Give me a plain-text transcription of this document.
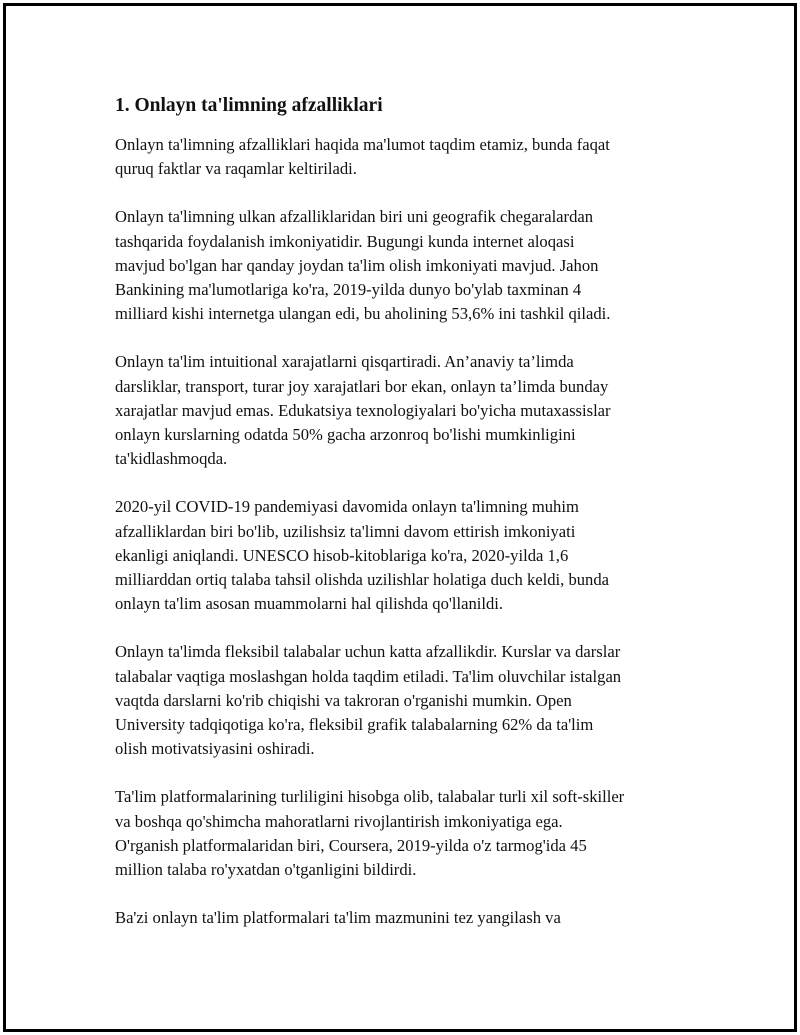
1. Onlayn ta'limning afzalliklari
Onlayn ta'limning afzalliklari haqida ma'lumot taqdim etamiz, bunda faqat
quruq faktlar va raqamlar keltiriladi.
Onlayn ta'limning ulkan afzalliklaridan biri uni geografik chegaralardan
tashqarida foydalanish imkoniyatidir. Bugungi kunda internet aloqasi
mavjud bo'lgan har qanday joydan ta'lim olish imkoniyati mavjud. Jahon
Bankining ma'lumotlariga ko'ra, 2019-yilda dunyo bo'ylab taxminan 4
milliard kishi internetga ulangan edi, bu aholining 53,6% ini tashkil qiladi.
Onlayn ta'lim intuitional xarajatlarni qisqartiradi. An’anaviy ta’limda
darsliklar, transport, turar joy xarajatlari bor ekan, onlayn ta’limda bunday
xarajatlar mavjud emas. Edukatsiya texnologiyalari bo'yicha mutaxassislar
onlayn kurslarning odatda 50% gacha arzonroq bo'lishi mumkinligini
ta'kidlashmoqda.
2020-yil COVID-19 pandemiyasi davomida onlayn ta'limning muhim
afzalliklardan biri bo'lib, uzilishsiz ta'limni davom ettirish imkoniyati
ekanligi aniqlandi. UNESCO hisob-kitoblariga ko'ra, 2020-yilda 1,6
milliarddan ortiq talaba tahsil olishda uzilishlar holatiga duch keldi, bunda
onlayn ta'lim asosan muammolarni hal qilishda qo'llanildi.
Onlayn ta'limda fleksibil talabalar uchun katta afzallikdir. Kurslar va darslar
talabalar vaqtiga moslashgan holda taqdim etiladi. Ta'lim oluvchilar istalgan
vaqtda darslarni ko'rib chiqishi va takroran o'rganishi mumkin. Open
University tadqiqotiga ko'ra, fleksibil grafik talabalarning 62% da ta'lim
olish motivatsiyasini oshiradi.
Ta'lim platformalarining turliligini hisobga olib, talabalar turli xil soft-skiller
va boshqa qo'shimcha mahoratlarni rivojlantirish imkoniyatiga ega.
O'rganish platformalaridan biri, Coursera, 2019-yilda o'z tarmog'ida 45
million talaba ro'yxatdan o'tganligini bildirdi.
Ba'zi onlayn ta'lim platformalari ta'lim mazmunini tez yangilash va
